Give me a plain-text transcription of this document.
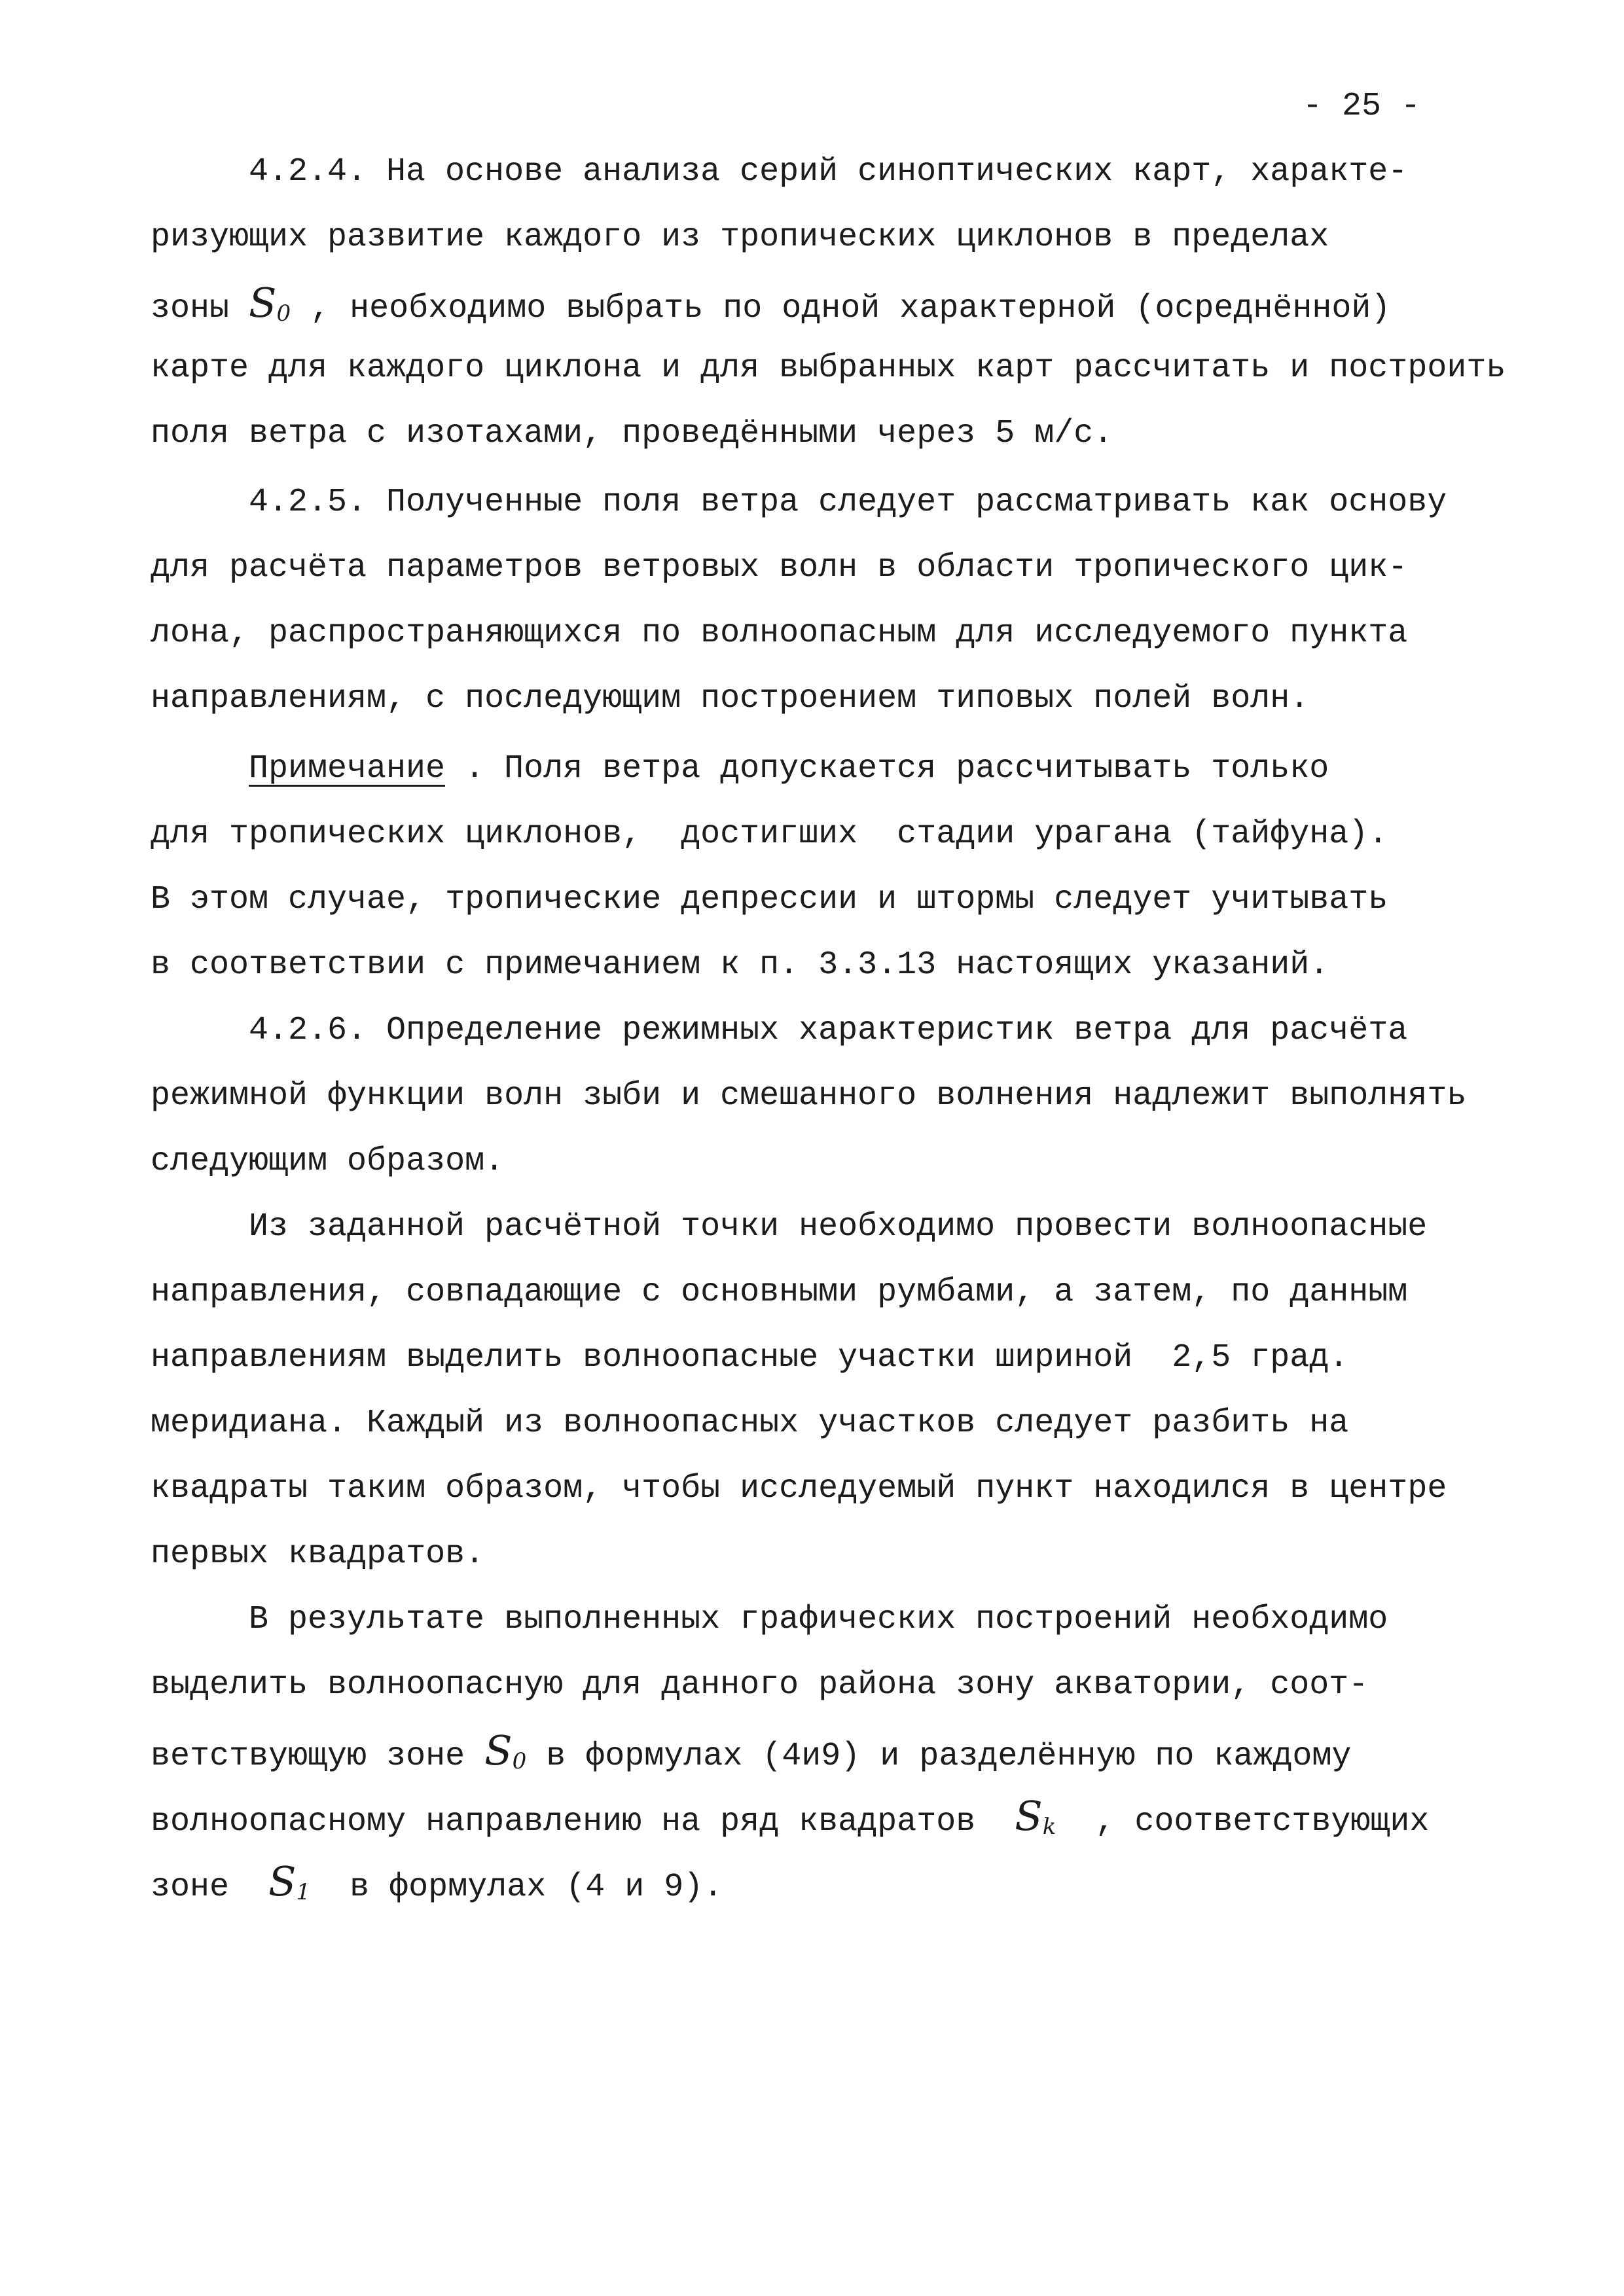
- 25 -
4.2.4. На основе анализа серий синоптических карт, характе-
ризующих развитие каждого из тропических циклонов в пределах
зоны $S_0$ , необходимо выбрать по одной характерной (осреднённой)
карте для каждого циклона и для выбранных карт рассчитать и построить
поля ветра с изотахами, проведёнными через 5 м/с.
4.2.5. Полученные поля ветра следует рассматривать как основу
для расчёта параметров ветровых волн в области тропического цик-
лона, распространяющихся по волноопасным для исследуемого пункта
направлениям, с последующим построением типовых полей волн.
Примечание . Поля ветра допускается рассчитывать только
для тропических циклонов,  достигших  стадии урагана (тайфуна).
В этом случае, тропические депрессии и штормы следует учитывать
в соответствии с примечанием к п. 3.3.13 настоящих указаний.
4.2.6. Определение режимных характеристик ветра для расчёта
режимной функции волн зыби и смешанного волнения надлежит выполнять
следующим образом.
Из заданной расчётной точки необходимо провести волноопасные
направления, совпадающие с основными румбами, а затем, по данным
направлениям выделить волноопасные участки шириной  2,5 град.
меридиана. Каждый из волноопасных участков следует разбить на
квадраты таким образом, чтобы исследуемый пункт находился в центре
первых квадратов.
В результате выполненных графических построений необходимо
выделить волноопасную для данного района зону акватории, соот-
ветствующую зоне $S_0$ в формулах (4и9) и разделённую по каждому
волноопасному направлению на ряд квадратов  $S_k$  , соответствующих
зоне  $S_1$  в формулах (4 и 9).
